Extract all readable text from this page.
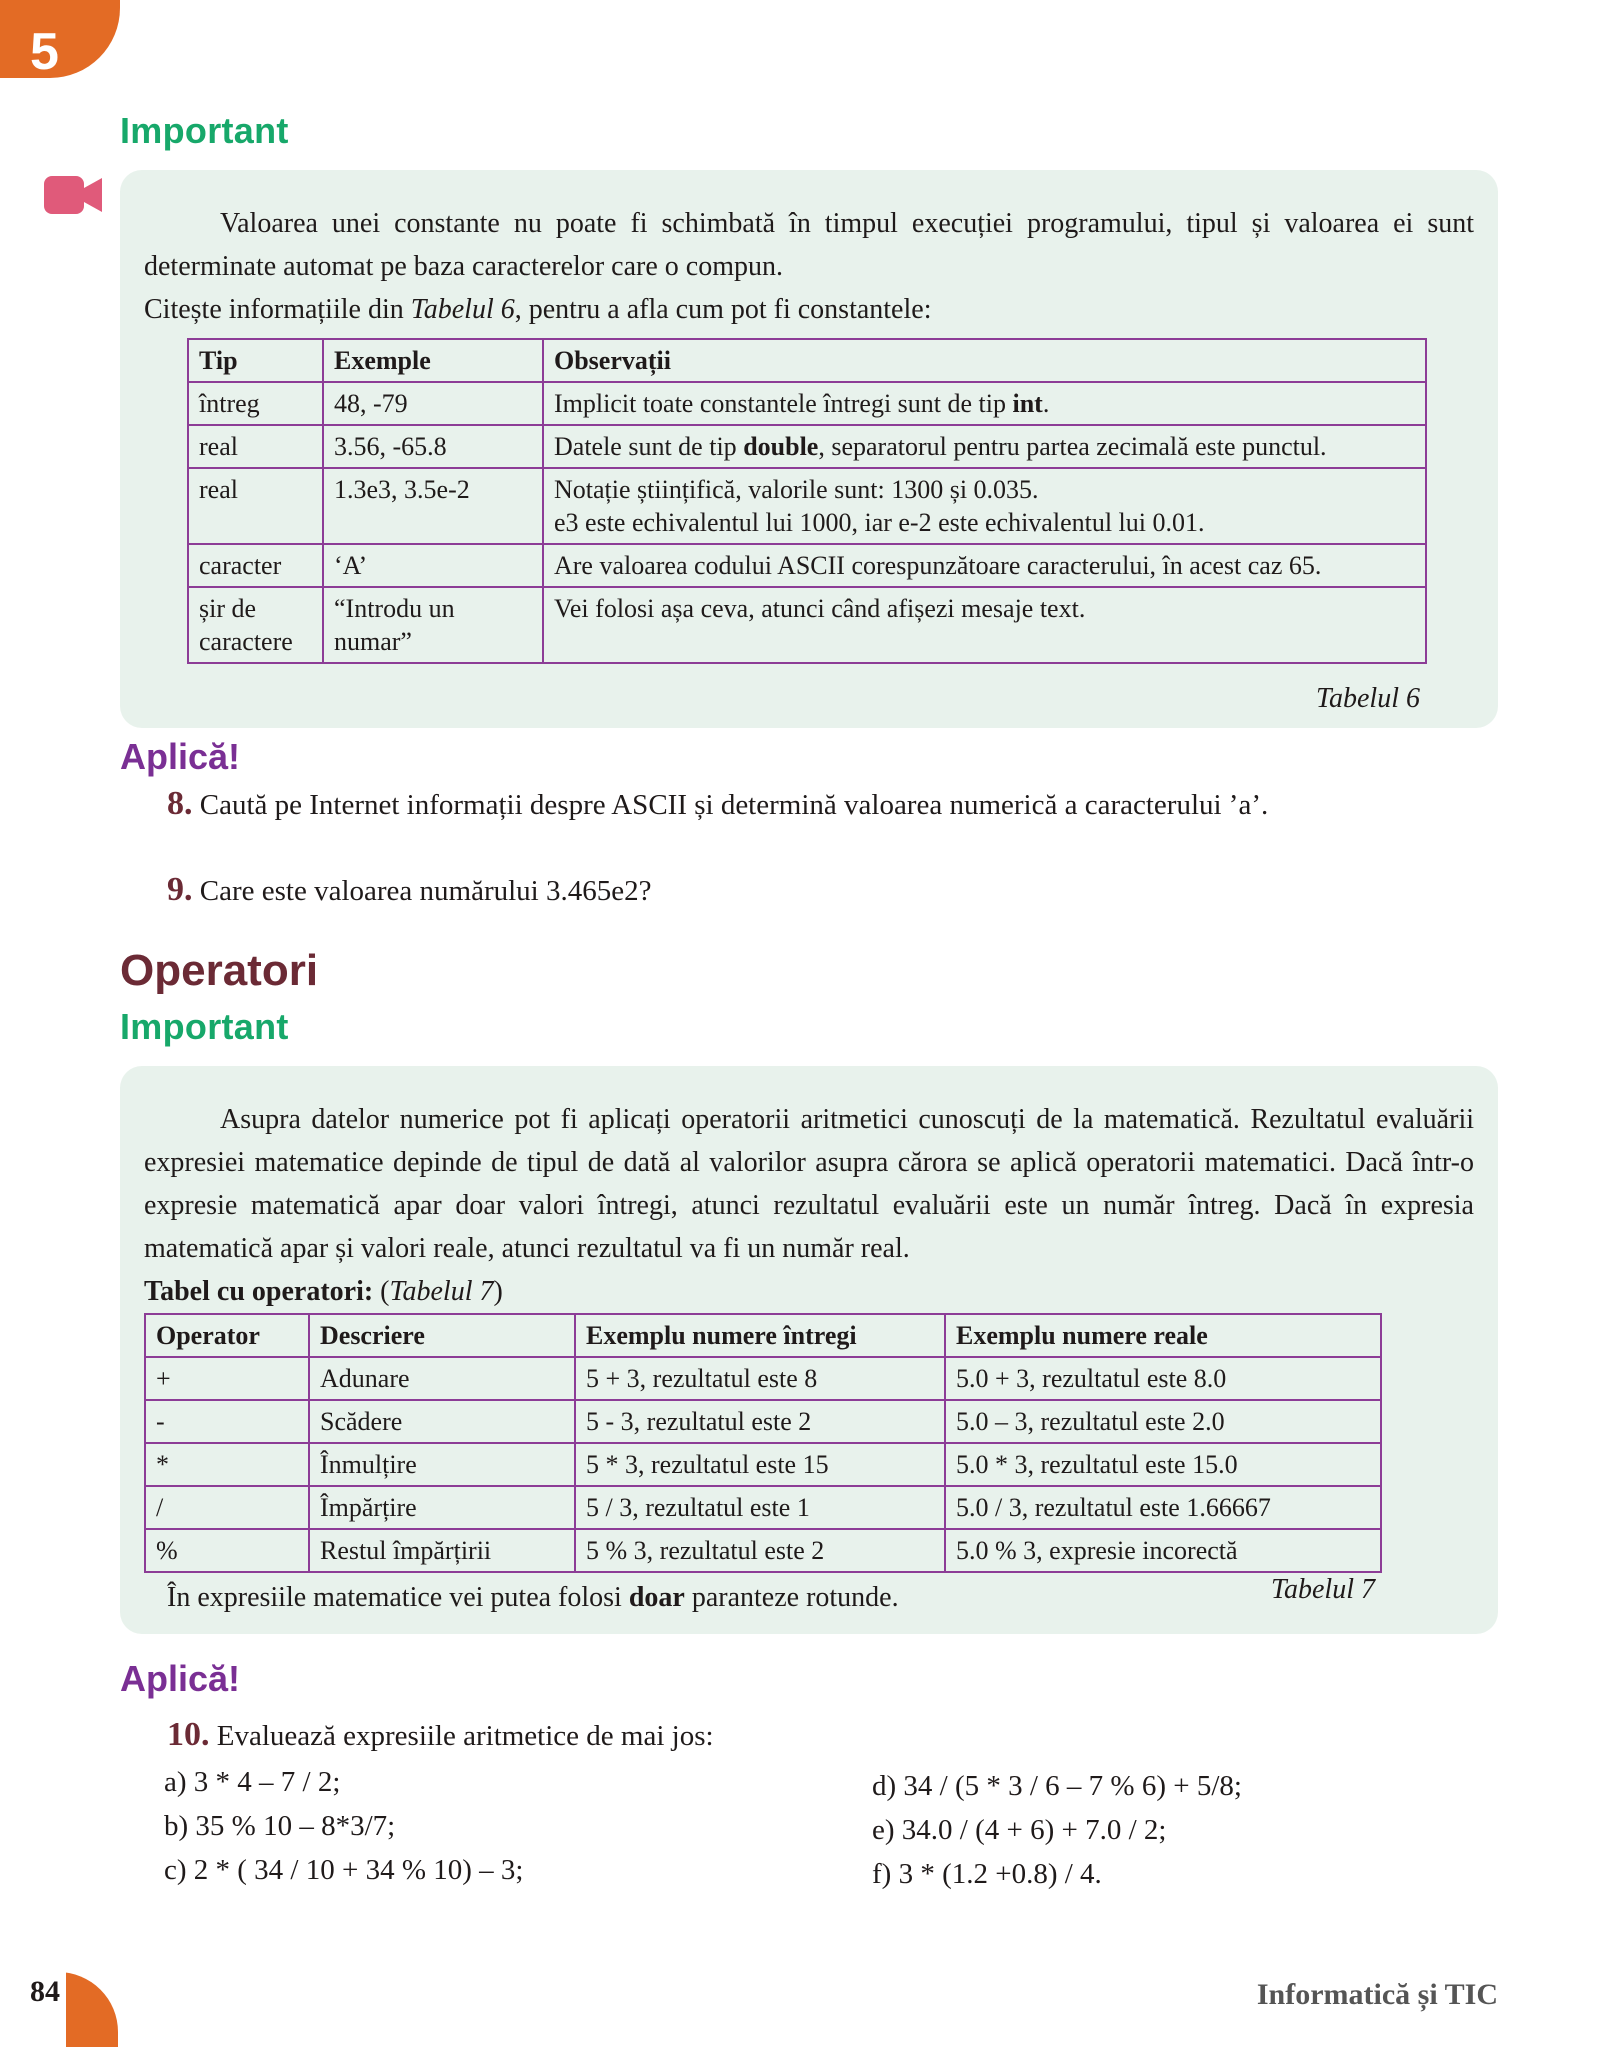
5
Important

Valoarea unei constante nu poate fi schimbată în timpul execuției programului, tipul și valoarea ei sunt determinate automat pe baza caracterelor care o compun.

Citește informațiile din Tabelul 6, pentru a afla cum pot fi constantele:

Tip	Exemple	Observații
întreg	48, -79	Implicit toate constantele întregi sunt de tip int.
real	3.56, -65.8	Datele sunt de tip double, separatorul pentru partea zecimală este punctul.
real	1.3e3, 3.5e-2	Notație științifică, valorile sunt: 1300 și 0.035.
e3 este echivalentul lui 1000, iar e-2 este echivalentul lui 0.01.

caracter	‘A’	Are valoarea codului ASCII corespunzătoare caracterului, în acest caz 65.
șir de caractere	“Introdu un numar”	Vei folosi așa ceva, atunci când afișezi mesaje text.
Tabelul 6
Aplică!
8. Caută pe Internet informații despre ASCII și determină valoarea numerică a caracterului ’a’.
9. Care este valoarea numărului 3.465e2?
Operatori
Important

Asupra datelor numerice pot fi aplicați operatorii aritmetici cunoscuți de la matematică. Rezultatul evaluării expresiei matematice depinde de tipul de dată al valorilor asupra cărora se aplică operatorii matematici. Dacă într-o expresie matematică apar doar valori întregi, atunci rezultatul evaluării este un număr întreg. Dacă în expresia matematică apar și valori reale, atunci rezultatul va fi un număr real.

Tabel cu operatori: (Tabelul 7)

Operator	Descriere	Exemplu numere întregi	Exemplu numere reale
+	Adunare	5 + 3, rezultatul este 8	5.0 + 3, rezultatul este 8.0
-	Scădere	5 - 3, rezultatul este 2	5.0 – 3, rezultatul este 2.0
*	Înmulțire	5 * 3, rezultatul este 15	5.0 * 3, rezultatul este 15.0
/	Împărțire	5 / 3, rezultatul este 1	5.0 / 3, rezultatul este 1.66667
%	Restul împărțirii	5 % 3, rezultatul este 2	5.0 % 3, expresie incorectă
Tabelul 7

În expresiile matematice vei putea folosi doar paranteze rotunde.

Aplică!
10. Evaluează expresiile aritmetice de mai jos:
a) 3 * 4 – 7 / 2;
b) 35 % 10 – 8*3/7;
c) 2 * ( 34 / 10 + 34 % 10) – 3;
d) 34 / (5 * 3 / 6 – 7 % 6) + 5/8;
e) 34.0 / (4 + 6) + 7.0 / 2;
f) 3 * (1.2 +0.8) / 4.
84	Informatică și TIC
